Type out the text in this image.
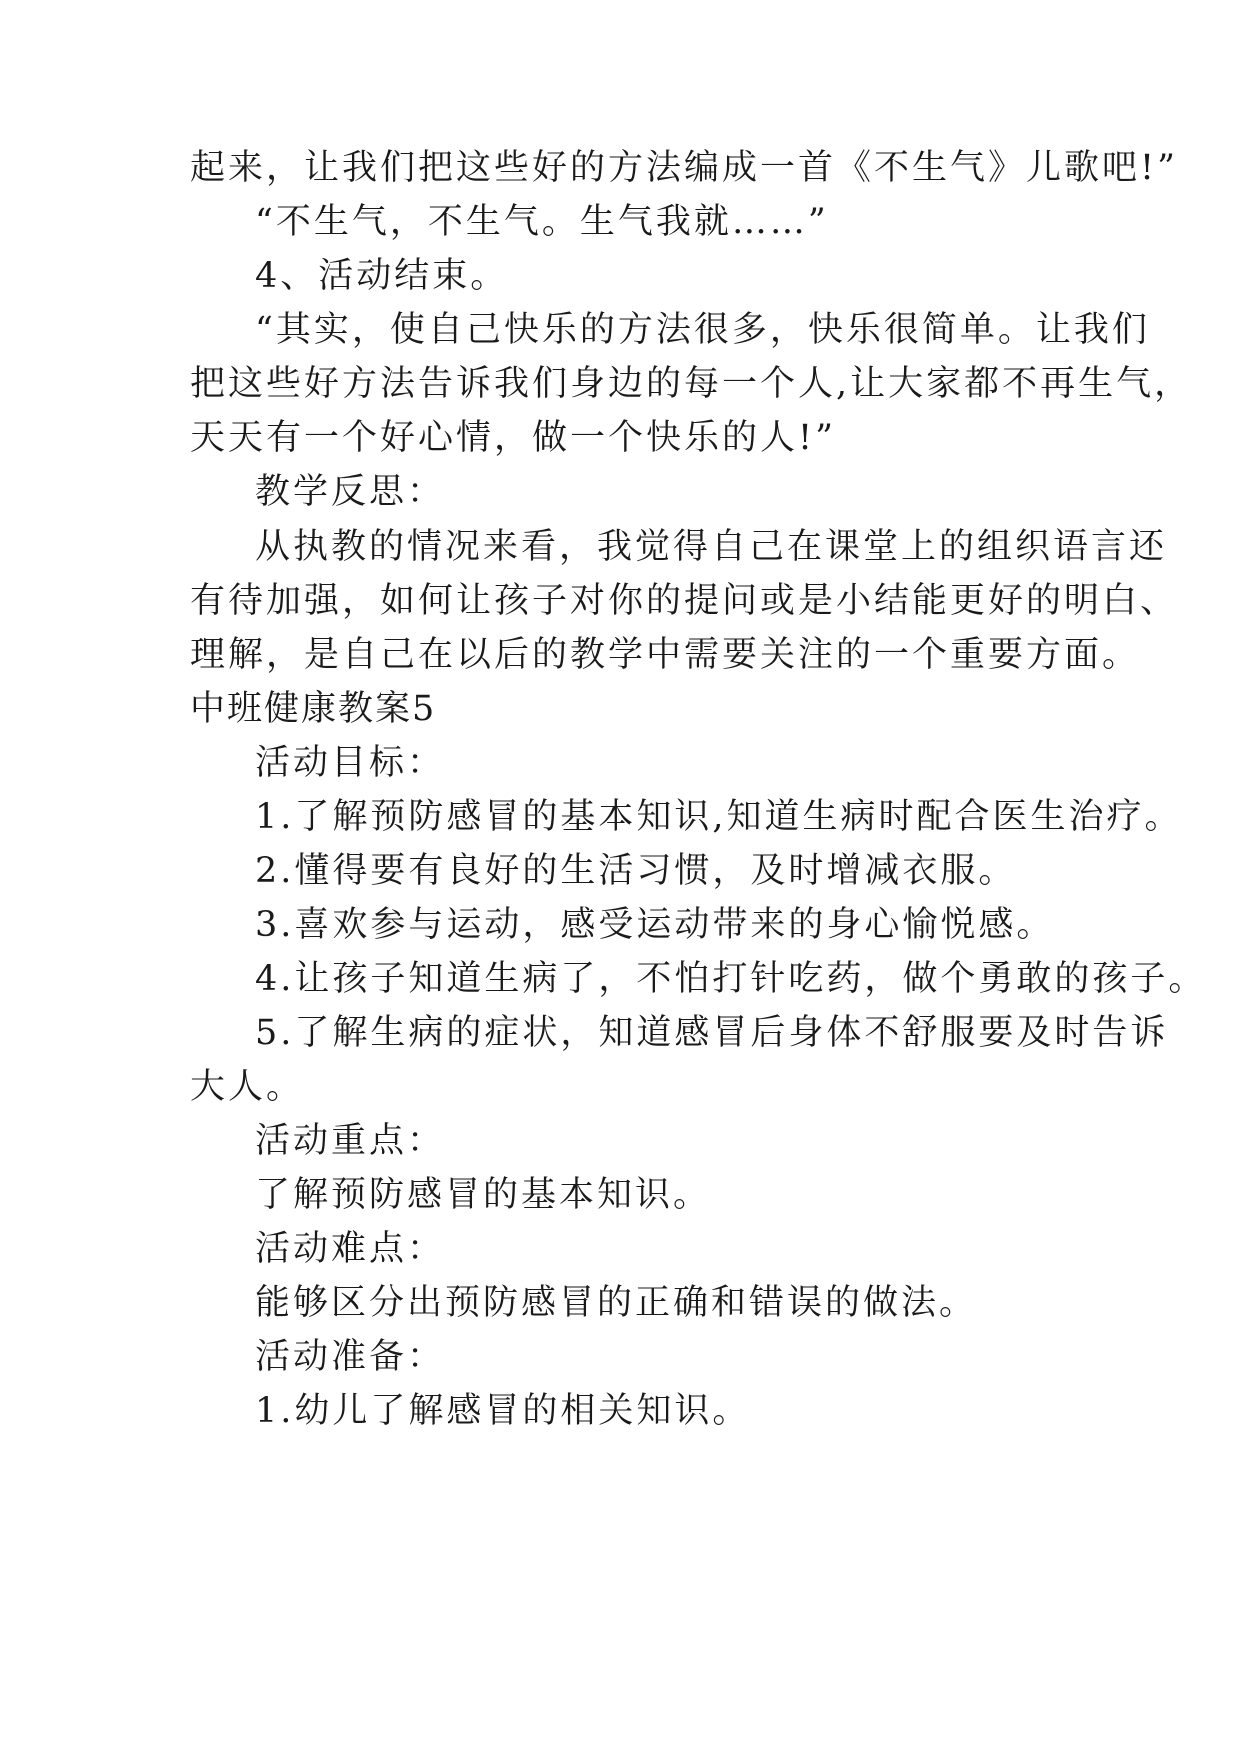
起来，让我们把这些好的方法编成一首《不生气》儿歌吧!”
“不生气，不生气。生气我就……”
4、活动结束。
“其实，使自己快乐的方法很多，快乐很简单。让我们
把这些好方法告诉我们身边的每一个人,让大家都不再生气，
天天有一个好心情，做一个快乐的人!”
教学反思：
从执教的情况来看，我觉得自己在课堂上的组织语言还
有待加强，如何让孩子对你的提问或是小结能更好的明白、
理解，是自己在以后的教学中需要关注的一个重要方面。
中班健康教案5
活动目标：
1.了解预防感冒的基本知识,知道生病时配合医生治疗。
2.懂得要有良好的生活习惯，及时增减衣服。
3.喜欢参与运动，感受运动带来的身心愉悦感。
4.让孩子知道生病了，不怕打针吃药，做个勇敢的孩子。
5.了解生病的症状，知道感冒后身体不舒服要及时告诉
大人。
活动重点：
了解预防感冒的基本知识。
活动难点：
能够区分出预防感冒的正确和错误的做法。
活动准备：
1.幼儿了解感冒的相关知识。
